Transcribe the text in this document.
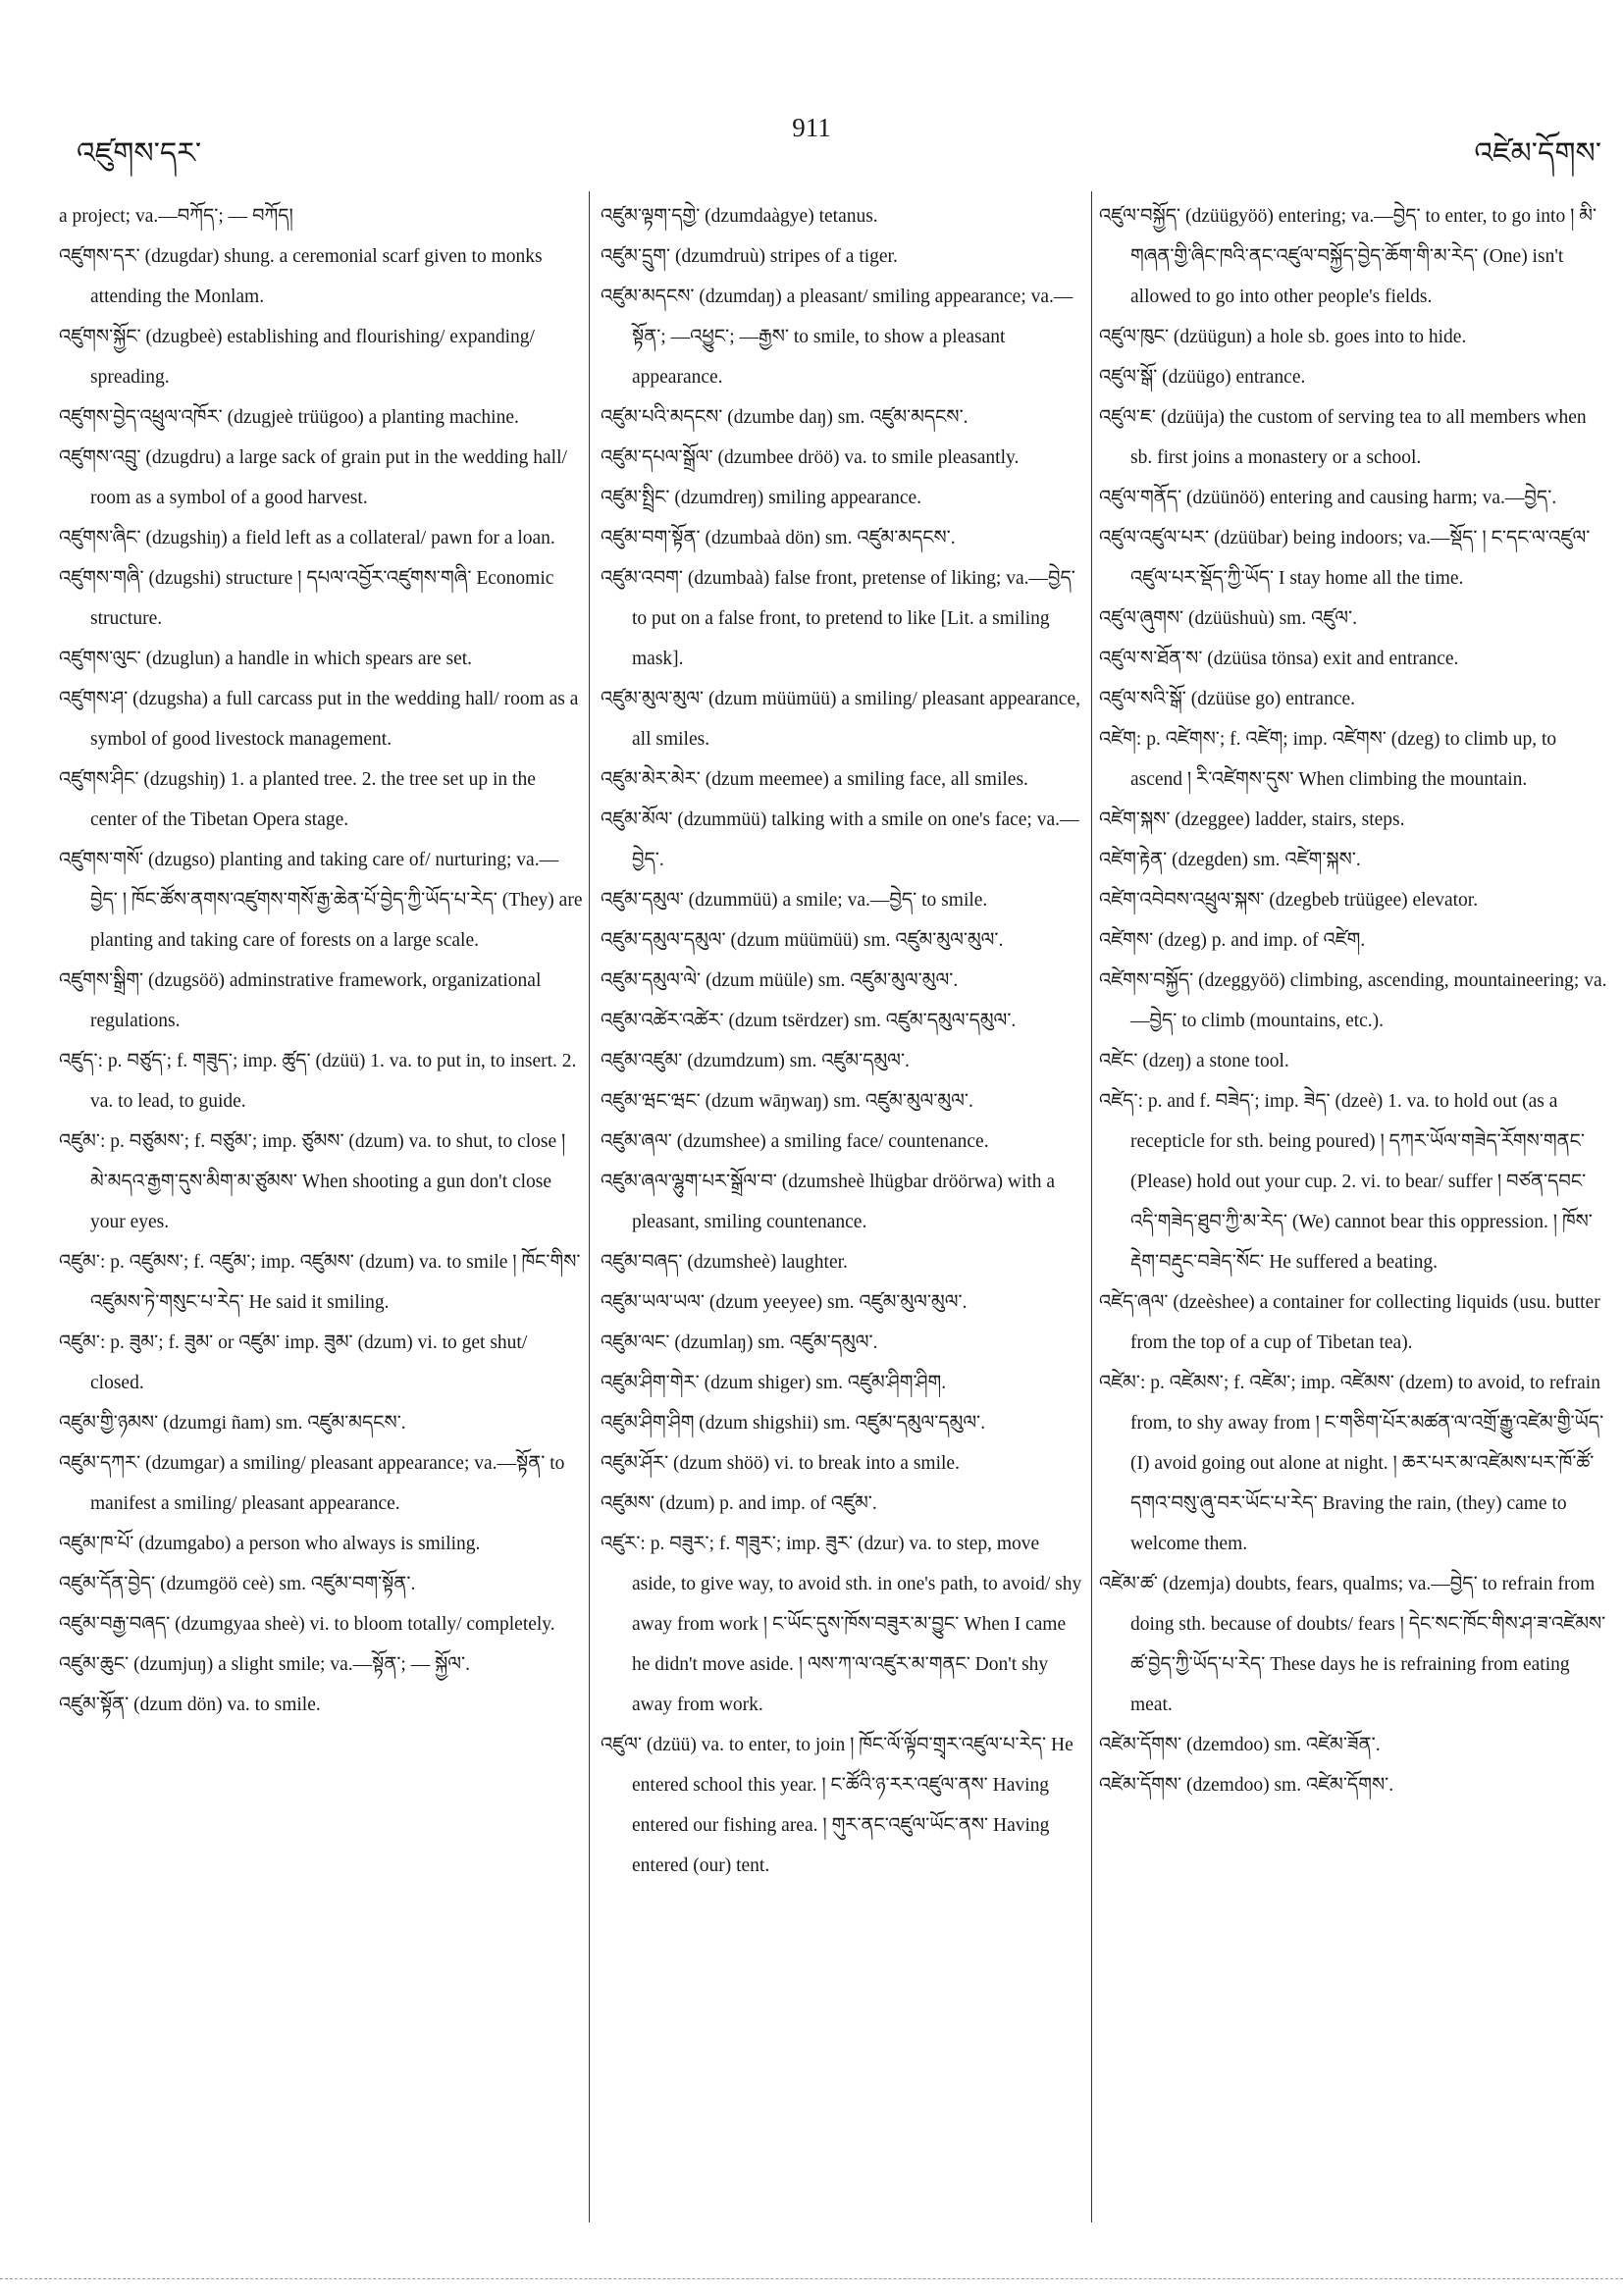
འཛུགས་དར་
911
འཛེམ་དོགས་

a project; va.—བཀོད་; — བཀོད།

འཛུགས་དར་ (dzugdar) shung. a ceremonial scarf given to monks attending the Monlam.

འཛུགས་སྐྱོང་ (dzugbeè) establishing and flourishing/ expanding/ spreading.

འཛུགས་བྱེད་འཕྲུལ་འཁོར་ (dzugjeè trüügoo) a planting machine.

འཛུགས་འབྲུ་ (dzugdru) a large sack of grain put in the wedding hall/ room as a symbol of a good harvest.

འཛུགས་ཞིང་ (dzugshiŋ) a field left as a collateral/ pawn for a loan.

འཛུགས་གཞི་ (dzugshi) structure ། དཔལ་འབྱོར་འཛུགས་གཞི་ Economic structure.

འཛུགས་ལུང་ (dzuglun) a handle in which spears are set.

འཛུགས་ཤ་ (dzugsha) a full carcass put in the wedding hall/ room as a symbol of good livestock management.

འཛུགས་ཤིང་ (dzugshiŋ) 1. a planted tree. 2. the tree set up in the center of the Tibetan Opera stage.

འཛུགས་གསོ་ (dzugso) planting and taking care of/ nurturing; va.—བྱེད་ ། ཁོང་ཚོས་ནགས་འཛུགས་གསོ་རྒྱ་ཆེན་པོ་བྱེད་ཀྱི་ཡོད་པ་རེད་ (They) are planting and taking care of forests on a large scale.

འཛུགས་སྒྲིག་ (dzugsöö) adminstrative framework, organizational regulations.

འཛུད་: p. བཙུད་; f. གཟུད་; imp. ཚུད་ (dzüü) 1. va. to put in, to insert. 2. va. to lead, to guide.

འཛུམ་: p. བཙུམས་; f. བཙུམ་; imp. ཙུམས་ (dzum) va. to shut, to close ། མེ་མདའ་རྒྱག་དུས་མིག་མ་ཙུམས་ When shooting a gun don't close your eyes.

འཛུམ་: p. འཛུམས་; f. འཛུམ་; imp. འཛུམས་ (dzum) va. to smile ། ཁོང་གིས་འཛུམས་ཏེ་གསུང་པ་རེད་ He said it smiling.

འཛུམ་: p. ཟུམ་; f. ཟུམ་ or འཛུམ་ imp. ཟུམ་ (dzum) vi. to get shut/ closed.

འཛུམ་གྱི་ཉམས་ (dzumgi ñam) sm. འཛུམ་མདངས་.

འཛུམ་དཀར་ (dzumgar) a smiling/ pleasant appearance; va.—སྟོན་ to manifest a smiling/ pleasant appearance.

འཛུམ་ཁ་པོ་ (dzumgabo) a person who always is smiling.

འཛུམ་དོན་བྱེད་ (dzumgöö ceè) sm. འཛུམ་བག་སྟོན་.

འཛུམ་བརྒྱ་བཞད་ (dzumgyaa sheè) vi. to bloom totally/ completely.

འཛུམ་ཆུང་ (dzumjuŋ) a slight smile; va.—སྟོན་; — སྐྱོལ་.

འཛུམ་སྟོན་ (dzum dön) va. to smile.

འཛུམ་ལྟག་དགྱེ་ (dzumdaàgye) tetanus.

འཛུམ་དྲུག་ (dzumdruù) stripes of a tiger.

འཛུམ་མདངས་ (dzumdaŋ) a pleasant/ smiling appearance; va.—སྟོན་; —འཕྱུང་; —རྒྱས་ to smile, to show a pleasant appearance.

འཛུམ་པའི་མདངས་ (dzumbe daŋ) sm. འཛུམ་མདངས་.

འཛུམ་དཔལ་སྒྲོལ་ (dzumbee dröö) va. to smile pleasantly.

འཛུམ་སྤྲིང་ (dzumdreŋ) smiling appearance.

འཛུམ་བག་སྟོན་ (dzumbaà dön) sm. འཛུམ་མདངས་.

འཛུམ་འབག་ (dzumbaà) false front, pretense of liking; va.—བྱེད་ to put on a false front, to pretend to like [Lit. a smiling mask].

འཛུམ་མུལ་མུལ་ (dzum müümüü) a smiling/ pleasant appearance, all smiles.

འཛུམ་མེར་མེར་ (dzum meemee) a smiling face, all smiles.

འཛུམ་མོལ་ (dzummüü) talking with a smile on one's face; va.—བྱེད་.

འཛུམ་དམུལ་ (dzummüü) a smile; va.—བྱེད་ to smile.

འཛུམ་དམུལ་དམུལ་ (dzum müümüü) sm. འཛུམ་མུལ་མུལ་.

འཛུམ་དམུལ་ལེ་ (dzum müüle) sm. འཛུམ་མུལ་མུལ་.

འཛུམ་འཚེར་འཚེར་ (dzum tsërdzer) sm. འཛུམ་དམུལ་དམུལ་.

འཛུམ་འཛུམ་ (dzumdzum) sm. འཛུམ་དམུལ་.

འཛུམ་ཝང་ཝང་ (dzum wāŋwaŋ) sm. འཛུམ་མུལ་མུལ་.

འཛུམ་ཞལ་ (dzumshee) a smiling face/ countenance.

འཛུམ་ཞལ་ལྷུག་པར་སྒྲོལ་བ་ (dzumsheè lhügbar dröörwa) with a pleasant, smiling countenance.

འཛུམ་བཞད་ (dzumsheè) laughter.

འཛུམ་ཡལ་ཡལ་ (dzum yeeyee) sm. འཛུམ་མུལ་མུལ་.

འཛུམ་ལང་ (dzumlaŋ) sm. འཛུམ་དམུལ་.

འཛུམ་ཤིག་གེར་ (dzum shiger) sm. འཛུམ་ཤིག་ཤིག.

འཛུམ་ཤིག་ཤིག (dzum shigshii) sm. འཛུམ་དམུལ་དམུལ་.

འཛུམ་ཤོར་ (dzum shöö) vi. to break into a smile.

འཛུམས་ (dzum) p. and imp. of འཛུམ་.

འཛུར་: p. བཟུར་; f. གཟུར་; imp. ཟུར་ (dzur) va. to step, move aside, to give way, to avoid sth. in one's path, to avoid/ shy away from work ། ང་ཡོང་དུས་ཁོས་བཟུར་མ་བྱུང་ When I came he didn't move aside. ། ལས་ཀ་ལ་འཛུར་མ་གནང་ Don't shy away from work.

འཛུལ་ (dzüü) va. to enter, to join ། ཁོང་ལོ་ལྟོབ་གྲྭར་འཛུལ་པ་རེད་ He entered school this year. ། ང་ཚོའི་ཉ་རར་འཛུལ་ནས་ Having entered our fishing area. ། གུར་ནང་འཛུལ་ཡོང་ནས་ Having entered (our) tent.

འཛུལ་བསྐྱོད་ (dzüügyöö) entering; va.—བྱེད་ to enter, to go into ། མི་གཞན་གྱི་ཞིང་ཁའི་ནང་འཛུལ་བསྐྱོད་བྱེད་ཆོག་གི་མ་རེད་ (One) isn't allowed to go into other people's fields.

འཛུལ་ཁུང་ (dzüügun) a hole sb. goes into to hide.

འཛུལ་སྒོ་ (dzüügo) entrance.

འཛུལ་ཇ་ (dzüüja) the custom of serving tea to all members when sb. first joins a monastery or a school.

འཛུལ་གནོད་ (dzüünöö) entering and causing harm; va.—བྱེད་.

འཛུལ་འཛུལ་པར་ (dzüübar) being indoors; va.—སྡོད་ ། ང་དང་ལ་འཛུལ་འཛུལ་པར་སྡོད་ཀྱི་ཡོད་ I stay home all the time.

འཛུལ་ཞུགས་ (dzüüshuù) sm. འཛུལ་.

འཛུལ་ས་ཐོན་ས་ (dzüüsa tönsa) exit and entrance.

འཛུལ་སའི་སྒོ་ (dzüüse go) entrance.

འཛེག: p. འཛེགས་; f. འཛེག; imp. འཛེགས་ (dzeg) to climb up, to ascend ། རི་འཛེགས་དུས་ When climbing the mountain.

འཛེག་སྐས་ (dzeggee) ladder, stairs, steps.

འཛེག་རྟེན་ (dzegden) sm. འཛེག་སྐས་.

འཛེག་འབེབས་འཕྲུལ་སྐས་ (dzegbeb trüügee) elevator.

འཛེགས་ (dzeg) p. and imp. of འཛེག.

འཛེགས་བསྐྱོད་ (dzeggyöö) climbing, ascending, mountaineering; va.—བྱེད་ to climb (mountains, etc.).

འཛེང་ (dzeŋ) a stone tool.

འཛེད་: p. and f. བཟེད་; imp. ཟེད་ (dzeè) 1. va. to hold out (as a recepticle for sth. being poured) ། དཀར་ཡོལ་གཟེད་རོགས་གནང་ (Please) hold out your cup. 2. vi. to bear/ suffer ། བཙན་དབང་འདི་གཟེད་ཐུབ་ཀྱི་མ་རེད་ (We) cannot bear this oppression. ། ཁོས་རྡེག་བརྡུང་བཟེད་སོང་ He suffered a beating.

འཛེད་ཞལ་ (dzeèshee) a container for collecting liquids (usu. butter from the top of a cup of Tibetan tea).

འཛེམ་: p. འཛེམས་; f. འཛེམ་; imp. འཛེམས་ (dzem) to avoid, to refrain from, to shy away from ། ང་གཅིག་པོར་མཚན་ལ་འགྲོ་རྒྱུ་འཛེམ་གྱི་ཡོད་ (I) avoid going out alone at night. ། ཆར་པར་མ་འཛེམས་པར་ཁོ་ཚོ་དགའ་བསུ་ཞུ་བར་ཡོང་པ་རེད་ Braving the rain, (they) came to welcome them.

འཛེམ་ཚ་ (dzemja) doubts, fears, qualms; va.—བྱེད་ to refrain from doing sth. because of doubts/ fears ། དེང་སང་ཁོང་གིས་ཤ་ཟ་འཛེམས་ཚ་བྱེད་ཀྱི་ཡོད་པ་རེད་ These days he is refraining from eating meat.

འཛེམ་དོགས་ (dzemdoo) sm. འཛེམ་ཟོན་.

འཛེམ་དོགས་ (dzemdoo) sm. འཛེམ་དོགས་.
